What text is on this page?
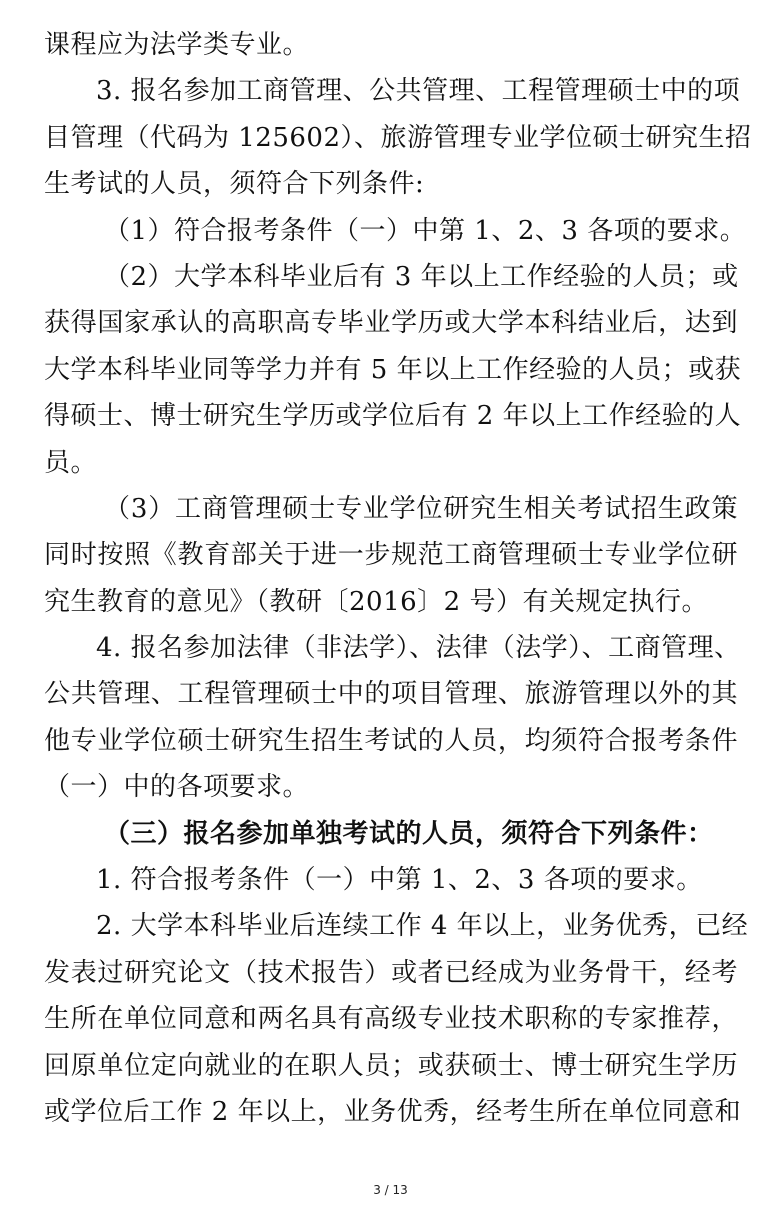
课程应为法学类专业。
3. 报名参加工商管理、公共管理、工程管理硕士中的项
目管理（代码为 125602）、旅游管理专业学位硕士研究生招
生考试的人员，须符合下列条件:
（1）符合报考条件（一）中第 1、2、3 各项的要求。
（2）大学本科毕业后有 3 年以上工作经验的人员；或
获得国家承认的高职高专毕业学历或大学本科结业后，达到
大学本科毕业同等学力并有 5 年以上工作经验的人员；或获
得硕士、博士研究生学历或学位后有 2 年以上工作经验的人
员。
（3）工商管理硕士专业学位研究生相关考试招生政策
同时按照《教育部关于进一步规范工商管理硕士专业学位研
究生教育的意见》（教研〔2016〕2 号）有关规定执行。
4. 报名参加法律（非法学）、法律（法学）、工商管理、
公共管理、工程管理硕士中的项目管理、旅游管理以外的其
他专业学位硕士研究生招生考试的人员，均须符合报考条件
（一）中的各项要求。
（三）报名参加单独考试的人员，须符合下列条件：
1. 符合报考条件（一）中第 1、2、3 各项的要求。
2. 大学本科毕业后连续工作 4 年以上，业务优秀，已经
发表过研究论文（技术报告）或者已经成为业务骨干，经考
生所在单位同意和两名具有高级专业技术职称的专家推荐，
回原单位定向就业的在职人员；或获硕士、博士研究生学历
或学位后工作 2 年以上，业务优秀，经考生所在单位同意和
3 / 13
